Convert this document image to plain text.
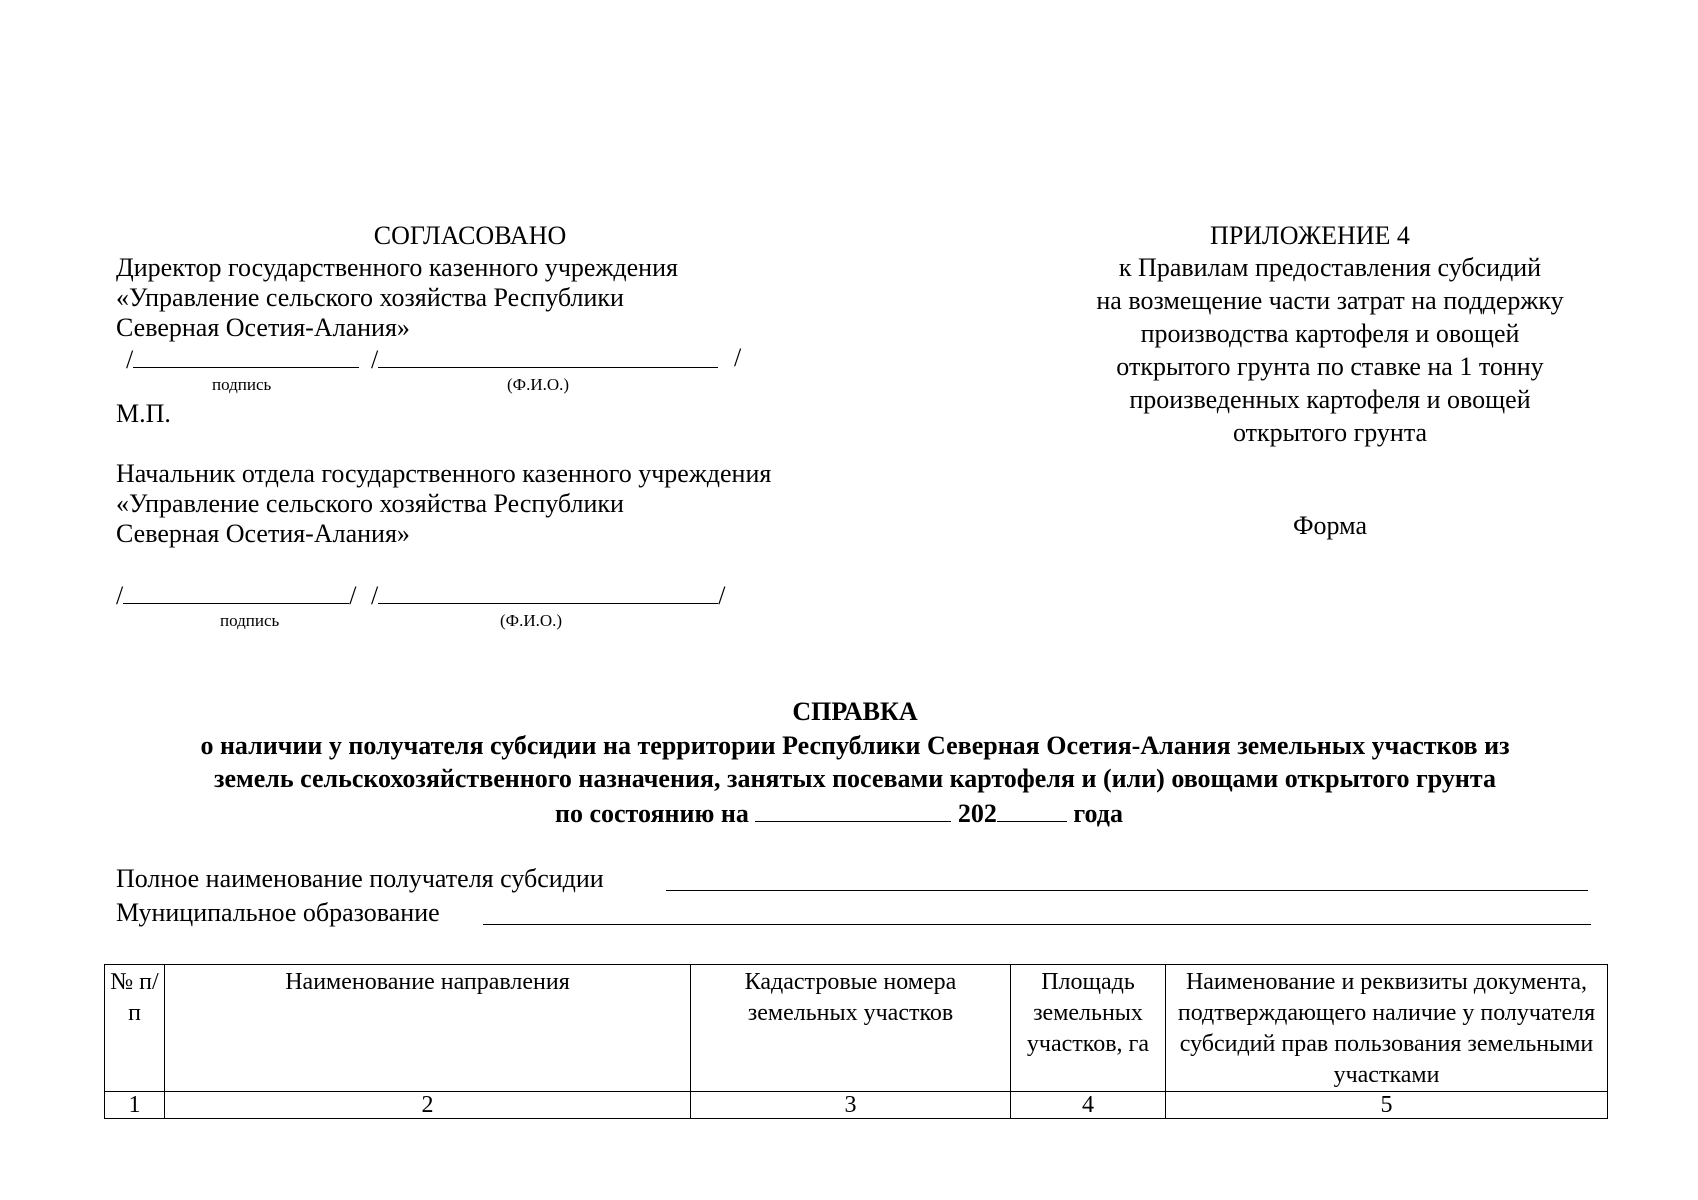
СОГЛАСОВАНО
Директор государственного казенного учреждения
«Управление сельского хозяйства Республики
Северная Осетия-Алания»
/	/	/
подпись	(Ф.И.О.)
М.П.
Начальник отдела государственного казенного учреждения
«Управление сельского хозяйства Республики
Северная Осетия-Алания»
/	/ /	/
подпись	(Ф.И.О.)
ПРИЛОЖЕНИЕ 4
к Правилам предоставления субсидий
на возмещение части затрат на поддержку
производства картофеля и овощей
открытого грунта по ставке на 1 тонну
произведенных картофеля и овощей
открытого грунта
Форма
СПРАВКА
о наличии у получателя субсидии на территории Республики Северная Осетия-Алания земельных участков из
земель сельскохозяйственного назначения, занятых посевами картофеля и (или) овощами открытого грунта
по состоянию на	202	года
Полное наименование получателя субсидии
Муниципальное образование
№ п/п	Наименование направления	Кадастровые номера земельных участков	Площадь земельных участков, га	Наименование и реквизиты документа, подтверждающего наличие у получателя субсидий прав пользования земельными участками
1	2	3	4	5
